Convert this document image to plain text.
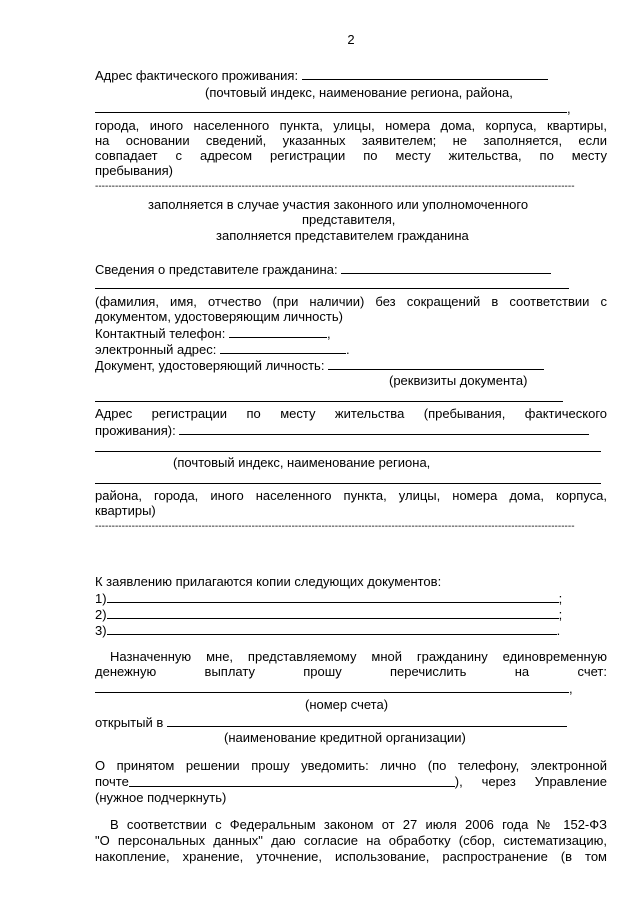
2
Адрес фактического проживания:
(почтовый индекс, наименование региона, района,
,
города, иного населенного пункта, улицы, номера дома, корпуса, квартиры,
на основании сведений, указанных заявителем; не заполняется, если
совпадает с адресом регистрации по месту жительства, по месту
пребывания)
------------------------------------------------------------------------------------------------------------------------------------------------
заполняется в случае участия законного или уполномоченного
представителя,
заполняется представителем гражданина
Сведения о представителе гражданина:
(фамилия, имя, отчество (при наличии) без сокращений в соответствии с
документом, удостоверяющим личность)
Контактный телефон:	,
электронный адрес:	.
Документ, удостоверяющий личность:
(реквизиты документа)
Адрес регистрации по месту жительства (пребывания, фактического
проживания):
(почтовый индекс, наименование региона,
района, города, иного населенного пункта, улицы, номера дома, корпуса,
квартиры)
------------------------------------------------------------------------------------------------------------------------------------------------
К заявлению прилагаются копии следующих документов:
1)	;
2)	;
3)	.
Назначенную мне, представляемому мной гражданину единовременную
денежную	выплату	прошу	перечислить	на	счет:
,
(номер счета)
открытый в
(наименование кредитной организации)
О принятом решении прошу уведомить: лично (по телефону, электронной
почте	), через Управление
(нужное подчеркнуть)
В соответствии с Федеральным законом от 27 июля 2006 года № 152-ФЗ
"О персональных данных" даю согласие на обработку (сбор, систематизацию,
накопление, хранение, уточнение, использование, распространение (в том
